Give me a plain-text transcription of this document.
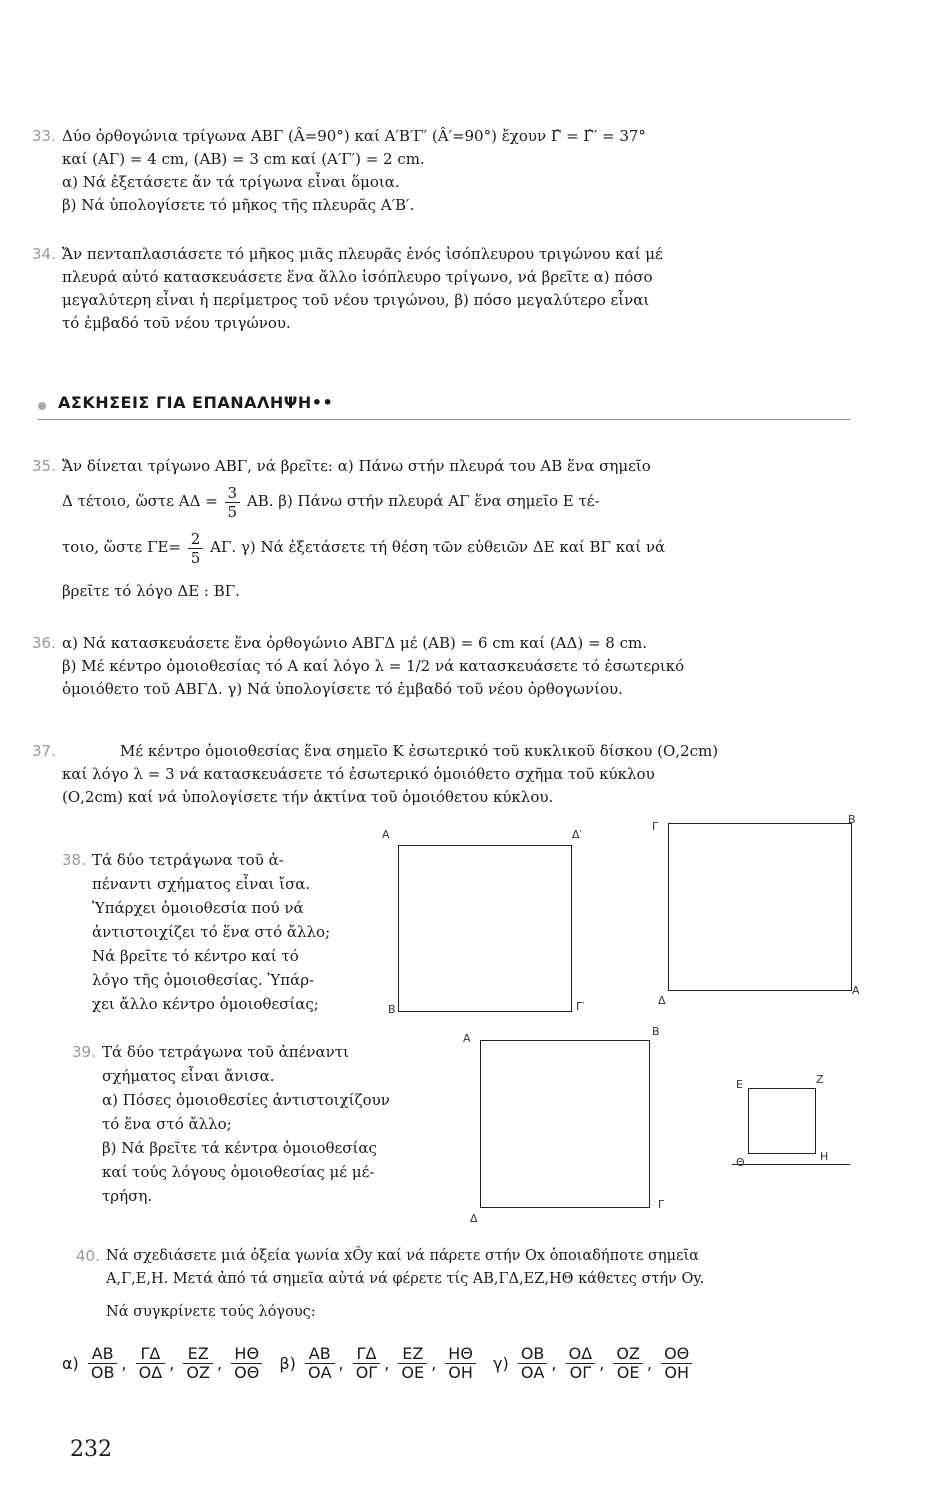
33. Δύο ὀρθογώνια τρίγωνα ΑΒΓ (Â=90°) καί Α′Β′Γ′ (Â′=90°) ἔχουν Γ̂ = Γ̂′ = 37°
καί (ΑΓ) = 4 cm, (ΑΒ) = 3 cm καί (Α′Γ′) = 2 cm.
α) Νά ἐξετάσετε ἄν τά τρίγωνα εἶναι ὅμοια.
β) Νά ὑπολογίσετε τό μῆκος τῆς πλευρᾶς Α′Β′.
34. Ἄν πενταπλασιάσετε τό μῆκος μιᾶς πλευρᾶς ἑνός ἰσόπλευρου τριγώνου καί μέ
πλευρά αὐτό κατασκευάσετε ἕνα ἄλλο ἰσόπλευρο τρίγωνο, νά βρεῖτε α) πόσο
μεγαλύτερη εἶναι ἡ περίμετρος τοῦ νέου τριγώνου, β) πόσο μεγαλύτερο εἶναι
τό ἐμβαδό τοῦ νέου τριγώνου.
ΑΣΚΗΣΕΙΣ ΓΙΑ ΕΠΑΝΑΛΗΨΗ••
35. Ἄν δίνεται τρίγωνο ΑΒΓ, νά βρεῖτε: α) Πάνω στήν πλευρά του ΑΒ ἕνα σημεῖο
Δ τέτοιο, ὥστε $A\Delta = \frac{3}{5} AB$. β) Πάνω στήν πλευρά ΑΓ ἕνα σημεῖο Ε τέ-
τοιο, ὥστε $\Gamma E= \frac{2}{5} A\Gamma$. γ) Νά ἐξετάσετε τή θέση τῶν εὐθειῶν ΔΕ καί ΒΓ καί νά
βρεῖτε τό λόγο ΔΕ : ΒΓ.
36. α) Νά κατασκευάσετε ἕνα ὀρθογώνιο ΑΒΓΔ μέ (ΑΒ) = 6 cm καί (ΑΔ) = 8 cm.
β) Μέ κέντρο ὁμοιοθεσίας τό Α καί λόγο λ = 1/2 νά κατασκευάσετε τό ἐσωτερικό
ὁμοιόθετο τοῦ ΑΒΓΔ. γ) Νά ὑπολογίσετε τό ἐμβαδό τοῦ νέου ὀρθογωνίου.
37.	Μέ κέντρο ὁμοιοθεσίας ἕνα σημεῖο Κ ἐσωτερικό τοῦ κυκλικοῦ δίσκου (Ο,2cm)
καί λόγο λ = 3 νά κατασκευάσετε τό ἐσωτερικό ὁμοιόθετο σχῆμα τοῦ κύκλου
(Ο,2cm) καί νά ὑπολογίσετε τήν ἀκτίνα τοῦ ὁμοιόθετου κύκλου.
38. Τά δύο τετράγωνα τοῦ ἀ-
πέναντι σχήματος εἶναι ἴσα.
Ὑπάρχει ὁμοιοθεσία πού νά
ἀντιστοιχίζει τό ἕνα στό ἄλλο;
Νά βρεῖτε τό κέντρο καί τό
λόγο τῆς ὁμοιοθεσίας. Ὑπάρ-
χει ἄλλο κέντρο ὁμοιοθεσίας;
Α	Δ′
Β	Γ′
Γ
Β
Δ
Α
39. Τά δύο τετράγωνα τοῦ ἀπέναντι
σχήματος εἶναι ἄνισα.
α) Πόσες ὁμοιοθεσίες ἀντιστοιχίζουν
τό ἕνα στό ἄλλο;
β) Νά βρεῖτε τά κέντρα ὁμοιοθεσίας
καί τούς λόγους ὁμοιοθεσίας μέ μέ-
τρήση.
Α
Β
Δ
Γ
Ε	Ζ
Θ	Η
40. Νά σχεδιάσετε μιά ὀξεία γωνία xÔy καί νά πάρετε στήν Ox ὁποιαδήποτε σημεῖα
Α,Γ,Ε,Η. Μετά ἀπό τά σημεῖα αὐτά νά φέρετε τίς ΑΒ,ΓΔ,ΕΖ,ΗΘ κάθετες στήν Oy.
Νά συγκρίνετε τούς λόγους:
$\alpha) \frac{AB}{OB}$ , $\frac{\Gamma\Delta}{O\Delta}$ , $\frac{EZ}{OZ}$ , $\frac{H\Theta}{O\Theta} \beta) \frac{AB}{OA}$ , $\frac{\Gamma\Delta}{O\Gamma}$ , $\frac{EZ}{OE}$ , $\frac{H\Theta}{OH} \gamma) \frac{OB}{OA}$ , $\frac{O\Delta}{O\Gamma}$ , $\frac{OZ}{OE}$ , $\frac{O\Theta}{OH}$
232
